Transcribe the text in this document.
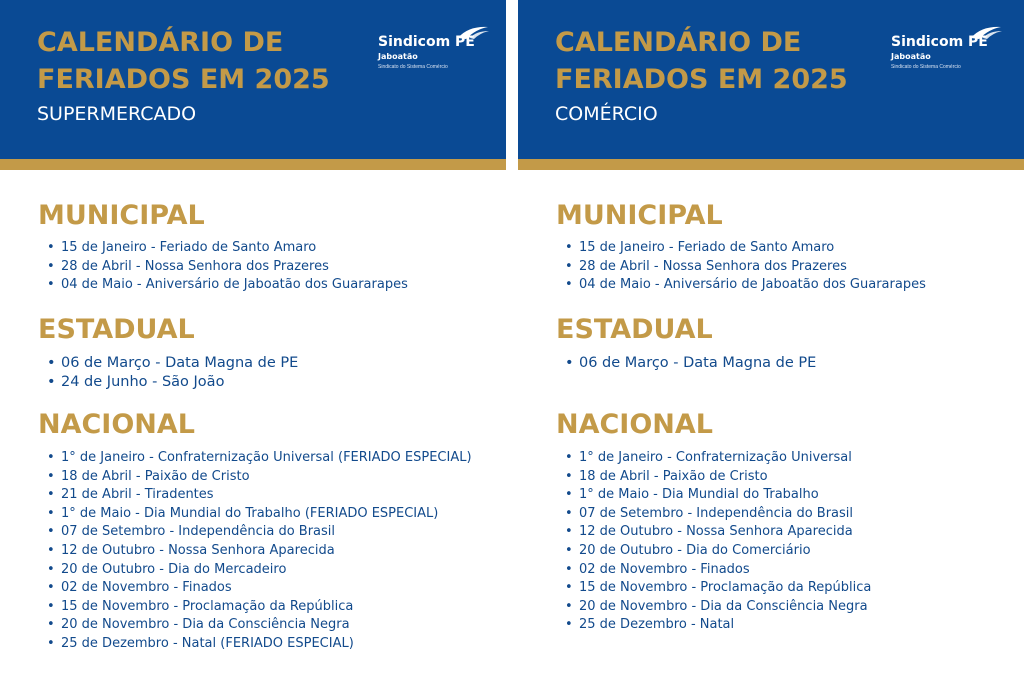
CALENDÁRIO DE
FERIADOS EM 2025
SUPERMERCADO
Sindicom PE
Jaboatão
Sindicato do Sistema Comércio
MUNICIPAL
• 15 de Janeiro - Feriado de Santo Amaro
• 28 de Abril - Nossa Senhora dos Prazeres
• 04 de Maio - Aniversário de Jaboatão dos Guararapes
ESTADUAL
• 06 de Março - Data Magna de PE
• 24 de Junho - São João
NACIONAL
• 1° de Janeiro - Confraternização Universal (FERIADO ESPECIAL)
• 18 de Abril - Paixão de Cristo
• 21 de Abril - Tiradentes
• 1° de Maio - Dia Mundial do Trabalho (FERIADO ESPECIAL)
• 07 de Setembro - Independência do Brasil
• 12 de Outubro - Nossa Senhora Aparecida
• 20 de Outubro - Dia do Mercadeiro
• 02 de Novembro - Finados
• 15 de Novembro - Proclamação da República
• 20 de Novembro - Dia da Consciência Negra
• 25 de Dezembro - Natal (FERIADO ESPECIAL)
CALENDÁRIO DE
FERIADOS EM 2025
COMÉRCIO
Sindicom PE
Jaboatão
Sindicato do Sistema Comércio
MUNICIPAL
• 15 de Janeiro - Feriado de Santo Amaro
• 28 de Abril - Nossa Senhora dos Prazeres
• 04 de Maio - Aniversário de Jaboatão dos Guararapes
ESTADUAL
• 06 de Março - Data Magna de PE
NACIONAL
• 1° de Janeiro - Confraternização Universal
• 18 de Abril - Paixão de Cristo
• 1° de Maio - Dia Mundial do Trabalho
• 07 de Setembro - Independência do Brasil
• 12 de Outubro - Nossa Senhora Aparecida
• 20 de Outubro - Dia do Comerciário
• 02 de Novembro - Finados
• 15 de Novembro - Proclamação da República
• 20 de Novembro - Dia da Consciência Negra
• 25 de Dezembro - Natal
